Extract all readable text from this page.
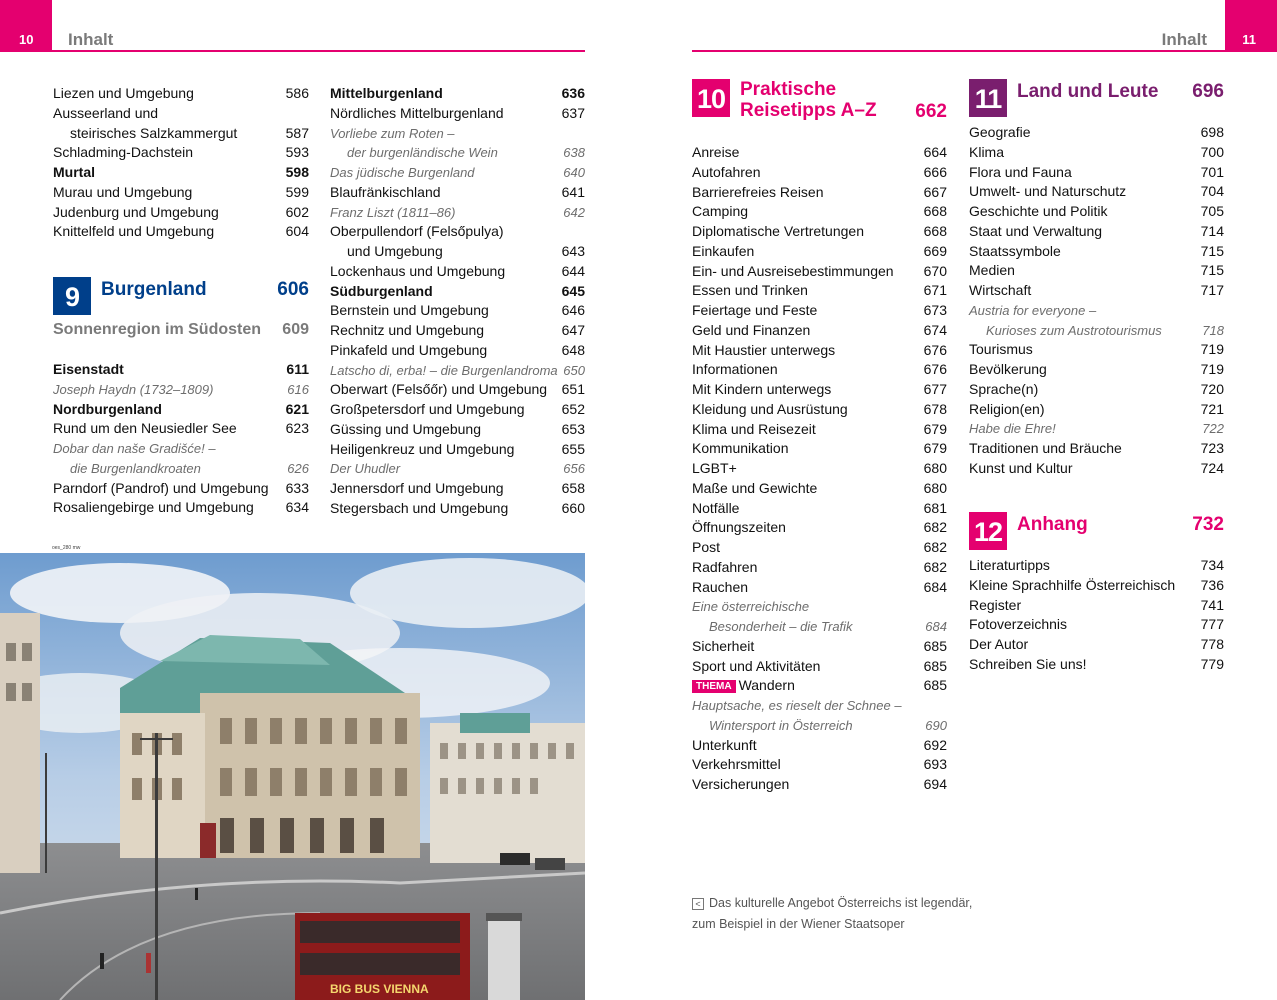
10 Inhalt	11
Inhalt
Liezen und Umgebung	586
Ausseerland und
steirisches Salzkammergut	587
Schladming-Dachstein	593
Murtal	598
Murau und Umgebung	599
Judenburg und Umgebung	602
Knittelfeld und Umgebung	604
9	Burgenland	606
Sonnenregion im Südosten 609
Eisenstadt	611
Joseph Haydn (1732–1809)	616
Nordburgenland	621
Rund um den Neusiedler See	623
Dobar dan naše Gradišće! –
die Burgenlandkroaten	626
Parndorf (Pandrof) und Umgebung 633
Rosaliengebirge und Umgebung 634
Mittelburgenland	636
Nördliches Mittelburgenland	637
Vorliebe zum Roten –
der burgenländische Wein	638
Das jüdische Burgenland	640
Blaufränkischland	641
Franz Liszt (1811–86)	642
Oberpullendorf (Felsőpulya)
und Umgebung	643
Lockenhaus und Umgebung	644
Südburgenland	645
Bernstein und Umgebung	646
Rechnitz und Umgebung	647
Pinkafeld und Umgebung	648
Latscho di, erba! – die Burgenlandroma 650
Oberwart (Felsőőr) und Umgebung 651
Großpetersdorf und Umgebung	652
Güssing und Umgebung	653
Heiligenkreuz und Umgebung	655
Der Uhudler	656
Jennersdorf und Umgebung	658
Stegersbach und Umgebung	660
oes_280 mw
BIG BUS VIENNA
10 Praktische
Reisetipps A–Z 662
Anreise	664
Autofahren	666
Barrierefreies Reisen	667
Camping	668
Diplomatische Vertretungen	668
Einkaufen	669
Ein- und Ausreisebestimmungen 670
Essen und Trinken	671
Feiertage und Feste	673
Geld und Finanzen	674
Mit Haustier unterwegs	676
Informationen	676
Mit Kindern unterwegs	677
Kleidung und Ausrüstung	678
Klima und Reisezeit	679
Kommunikation	679
LGBT+	680
Maße und Gewichte	680
Notfälle	681
Öffnungszeiten	682
Post	682
Radfahren	682
Rauchen	684
Eine österreichische
Besonderheit – die Trafik	684
Sicherheit	685
Sport und Aktivitäten	685
THEMA Wandern	685
Hauptsache, es rieselt der Schnee –
Wintersport in Österreich	690
Unterkunft	692
Verkehrsmittel	693
Versicherungen	694
< Das kulturelle Angebot Österreichs ist legendär,
zum Beispiel in der Wiener Staatsoper
11 Land und Leute 696
Geografie	698
Klima	700
Flora und Fauna	701
Umwelt- und Naturschutz	704
Geschichte und Politik	705
Staat und Verwaltung	714
Staatssymbole	715
Medien	715
Wirtschaft	717
Austria for everyone –
Kurioses zum Austrotourismus	718
Tourismus	719
Bevölkerung	719
Sprache(n)	720
Religion(en)	721
Habe die Ehre!	722
Traditionen und Bräuche	723
Kunst und Kultur	724
12 Anhang	732
Literaturtipps	734
Kleine Sprachhilfe Österreichisch 736
Register	741
Fotoverzeichnis	777
Der Autor	778
Schreiben Sie uns!	779
